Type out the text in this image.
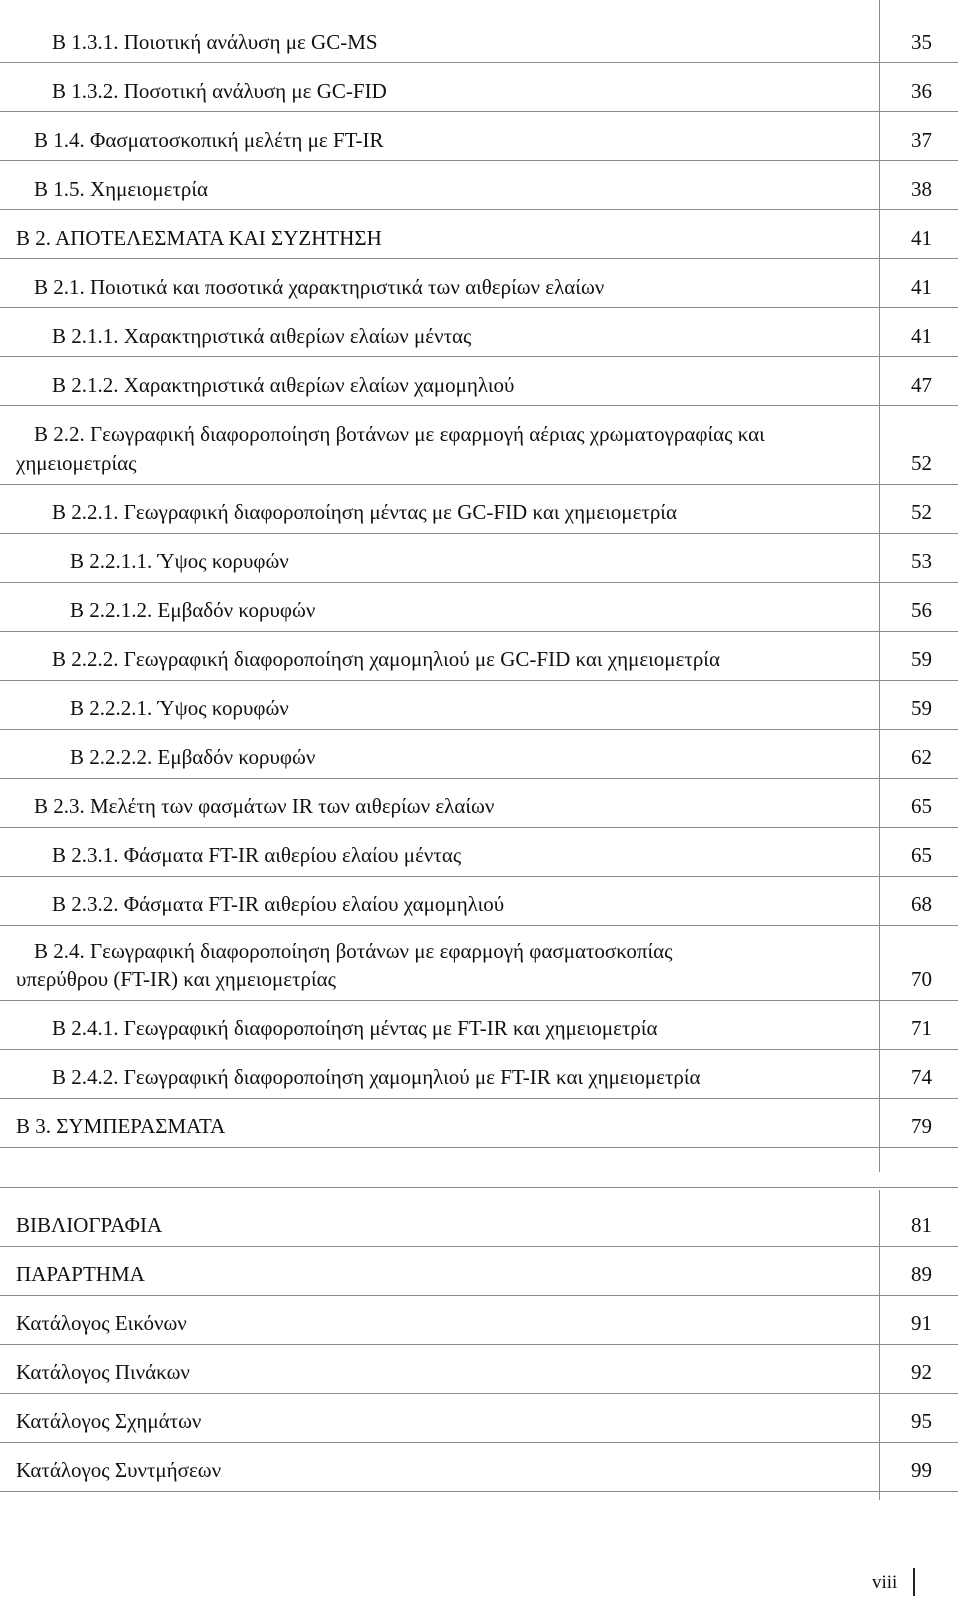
Β 1.3.1. Ποιοτική ανάλυση με GC-MS	35
Β 1.3.2. Ποσοτική ανάλυση με GC-FID	36
Β 1.4. Φασματοσκοπική μελέτη με FT-IR	37
Β 1.5. Χημειομετρία	38
Β 2. ΑΠΟΤΕΛΕΣΜΑΤΑ ΚΑΙ ΣΥΖΗΤΗΣΗ	41
Β 2.1. Ποιοτικά και ποσοτικά χαρακτηριστικά των αιθερίων ελαίων	41
Β 2.1.1. Χαρακτηριστικά αιθερίων ελαίων μέντας	41
Β 2.1.2. Χαρακτηριστικά αιθερίων ελαίων χαμομηλιού	47
Β 2.2. Γεωγραφική διαφοροποίηση βοτάνων με εφαρμογή αέριας χρωματογραφίας και
χημειομετρίας	52
Β 2.2.1. Γεωγραφική διαφοροποίηση μέντας με GC-FID και χημειομετρία	52
Β 2.2.1.1. Ύψος κορυφών	53
Β 2.2.1.2. Εμβαδόν κορυφών	56
Β 2.2.2. Γεωγραφική διαφοροποίηση χαμομηλιού με GC-FID και χημειομετρία	59
Β 2.2.2.1. Ύψος κορυφών	59
Β 2.2.2.2. Εμβαδόν κορυφών	62
Β 2.3. Μελέτη των φασμάτων IR των αιθερίων ελαίων	65
Β 2.3.1. Φάσματα FT-IR αιθερίου ελαίου μέντας	65
Β 2.3.2. Φάσματα FT-IR αιθερίου ελαίου χαμομηλιού	68
Β 2.4. Γεωγραφική διαφοροποίηση βοτάνων με εφαρμογή φασματοσκοπίας
υπερύθρου (FT-IR) και χημειομετρίας	70
Β 2.4.1. Γεωγραφική διαφοροποίηση μέντας με FT-IR και χημειομετρία	71
Β 2.4.2. Γεωγραφική διαφοροποίηση χαμομηλιού με FT-IR και χημειομετρία	74
Β 3. ΣΥΜΠΕΡΑΣΜΑΤΑ	79
ΒΙΒΛΙΟΓΡΑΦΙΑ	81
ΠΑΡΑΡΤΗΜΑ	89
Κατάλογος Εικόνων	91
Κατάλογος Πινάκων	92
Κατάλογος Σχημάτων	95
Κατάλογος Συντμήσεων	99
viii
